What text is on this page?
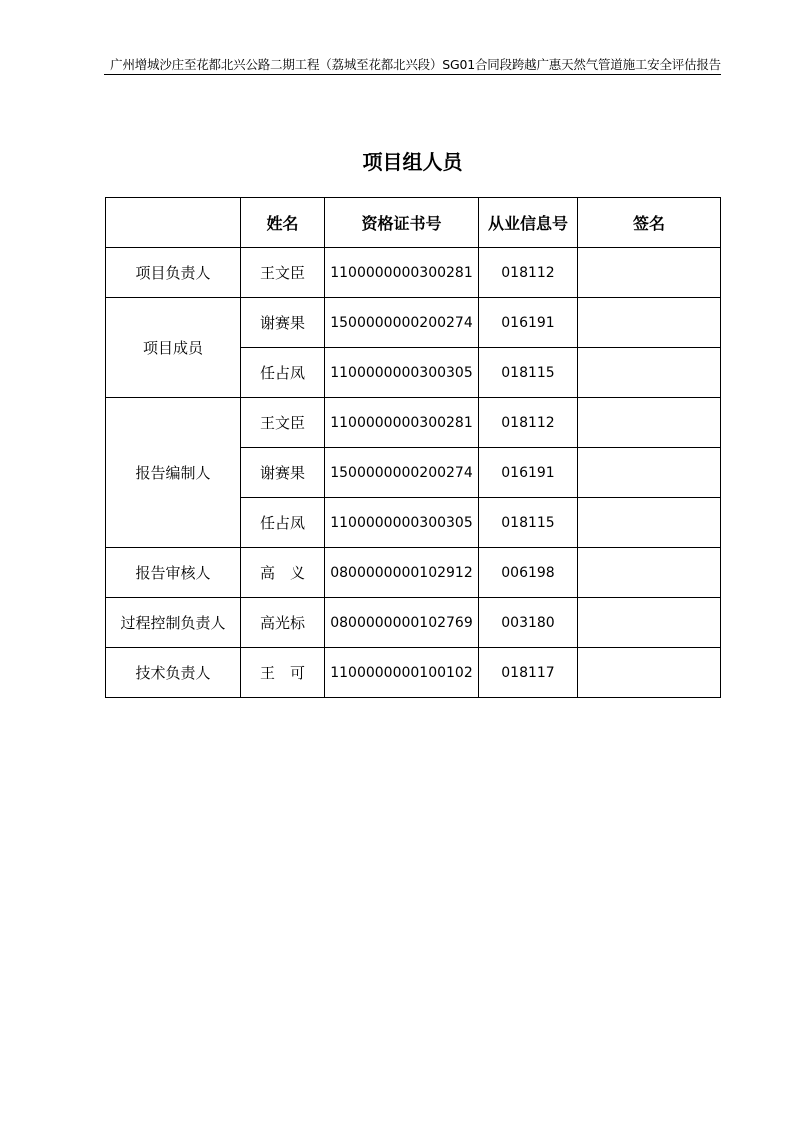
广州增城沙庄至花都北兴公路二期工程（荔城至花都北兴段）SG01合同段跨越广惠天然气管道施工安全评估报告
项目组人员
	姓名	资格证书号	从业信息号	签名
项目负责人	王文臣	1100000000300281	018112	
项目成员	谢赛果	1500000000200274	016191	
	任占凤	1100000000300305	018115	
报告编制人	王文臣	1100000000300281	018112	
	谢赛果	1500000000200274	016191	
	任占凤	1100000000300305	018115	
报告审核人	高　义	0800000000102912	006198	
过程控制负责人	高光标	0800000000102769	003180	
技术负责人	王　可	1100000000100102	018117	
